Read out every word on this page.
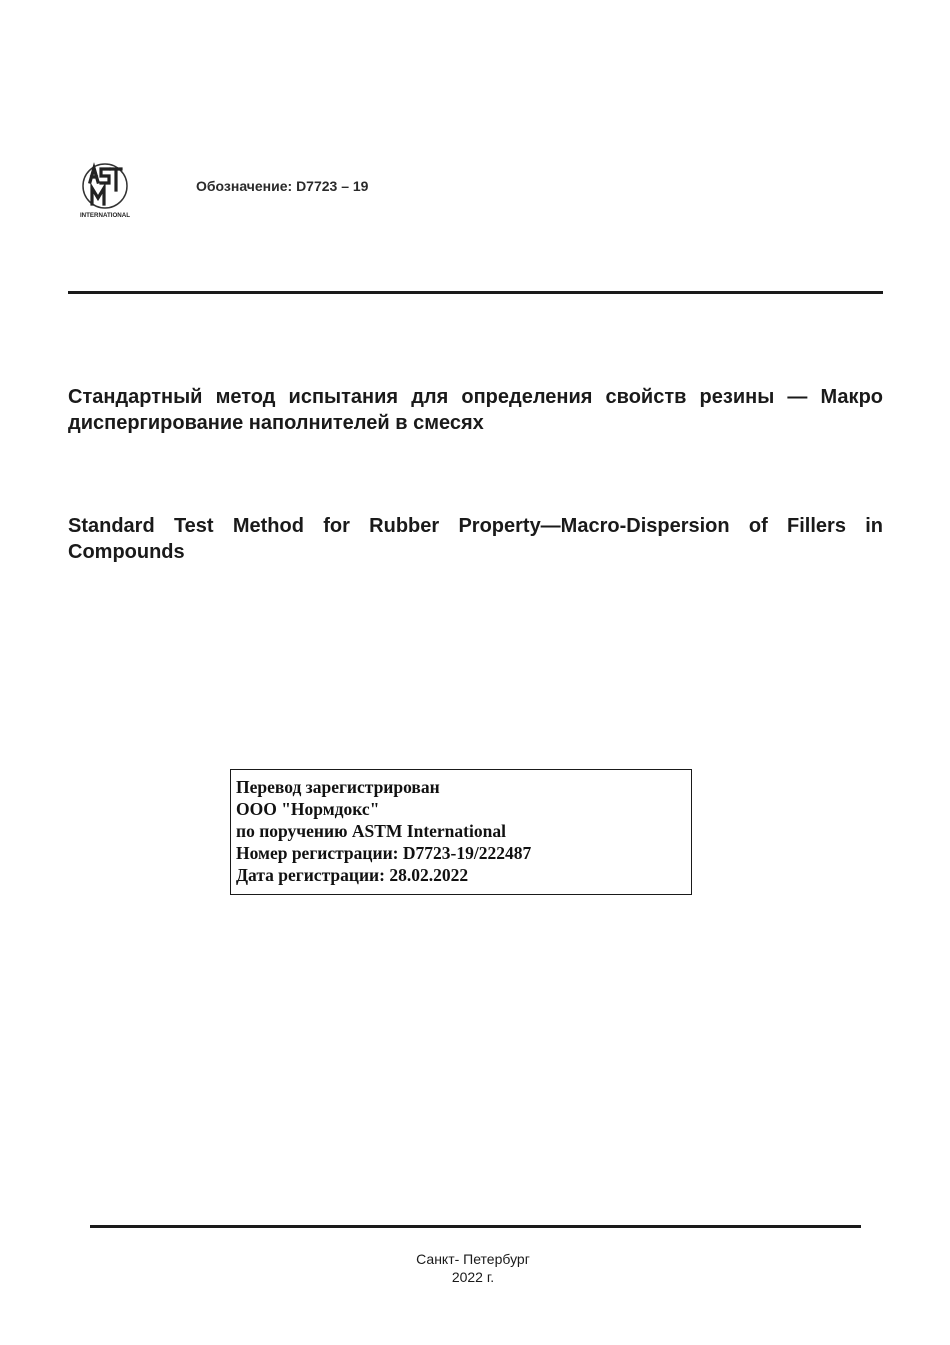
INTERNATIONAL
Обозначение: D7723 – 19
Стандартный метод испытания для определения свойств резины — Макро диспергирование наполнителей в смесях
Standard Test Method for Rubber Property—Macro-Dispersion of Fillers in Compounds
Перевод зарегистрирован
ООО "Нормдокс"
по поручению ASTM International
Номер регистрации: D7723-19/222487
Дата регистрации: 28.02.2022
Санкт- Петербург
2022 г.
